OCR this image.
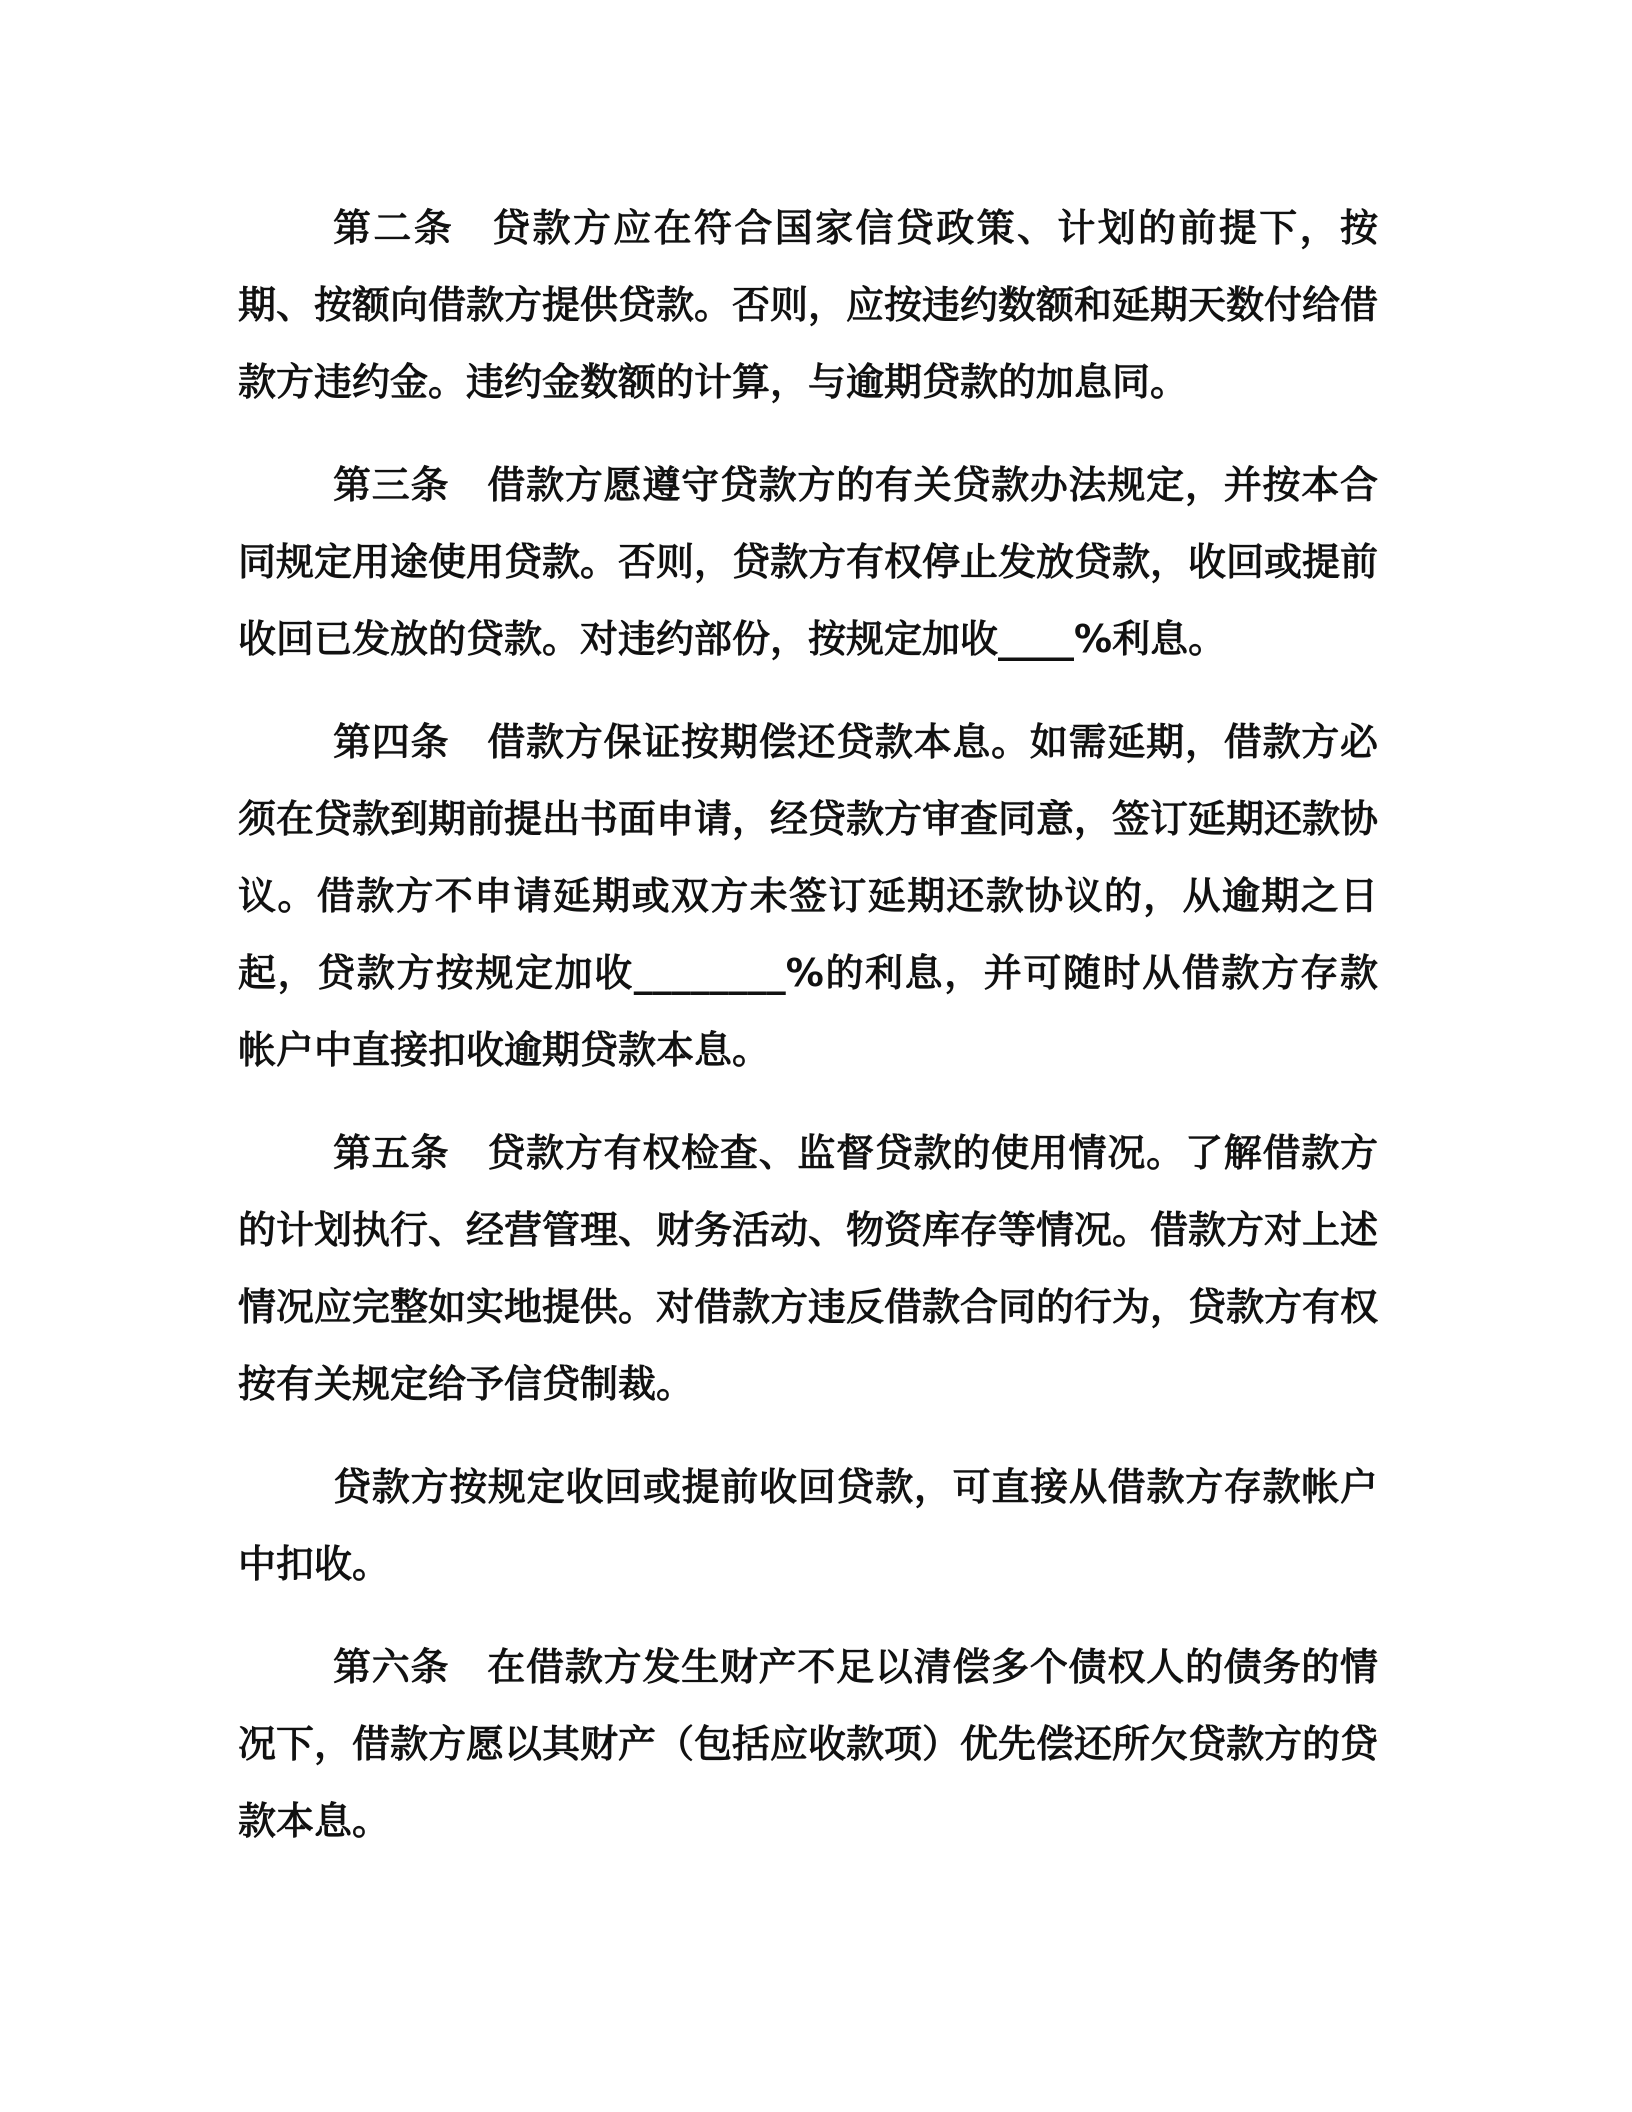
第二条 贷款方应在符合国家信贷政策、计划的前提下，按期、按额向借款方提供贷款。否则，应按违约数额和延期天数付给借款方违约金。违约金数额的计算，与逾期贷款的加息同。

第三条 借款方愿遵守贷款方的有关贷款办法规定，并按本合同规定用途使用贷款。否则，贷款方有权停止发放贷款，收回或提前收回已发放的贷款。对违约部份，按规定加收____%利息。

第四条 借款方保证按期偿还贷款本息。如需延期，借款方必须在贷款到期前提出书面申请，经贷款方审查同意，签订延期还款协议。借款方不申请延期或双方未签订延期还款协议的，从逾期之日起，贷款方按规定加收________%的利息，并可随时从借款方存款帐户中直接扣收逾期贷款本息。

第五条 贷款方有权检查、监督贷款的使用情况。了解借款方的计划执行、经营管理、财务活动、物资库存等情况。借款方对上述情况应完整如实地提供。对借款方违反借款合同的行为，贷款方有权按有关规定给予信贷制裁。

贷款方按规定收回或提前收回贷款，可直接从借款方存款帐户中扣收。

第六条 在借款方发生财产不足以清偿多个债权人的债务的情况下，借款方愿以其财产（包括应收款项）优先偿还所欠贷款方的贷款本息。
